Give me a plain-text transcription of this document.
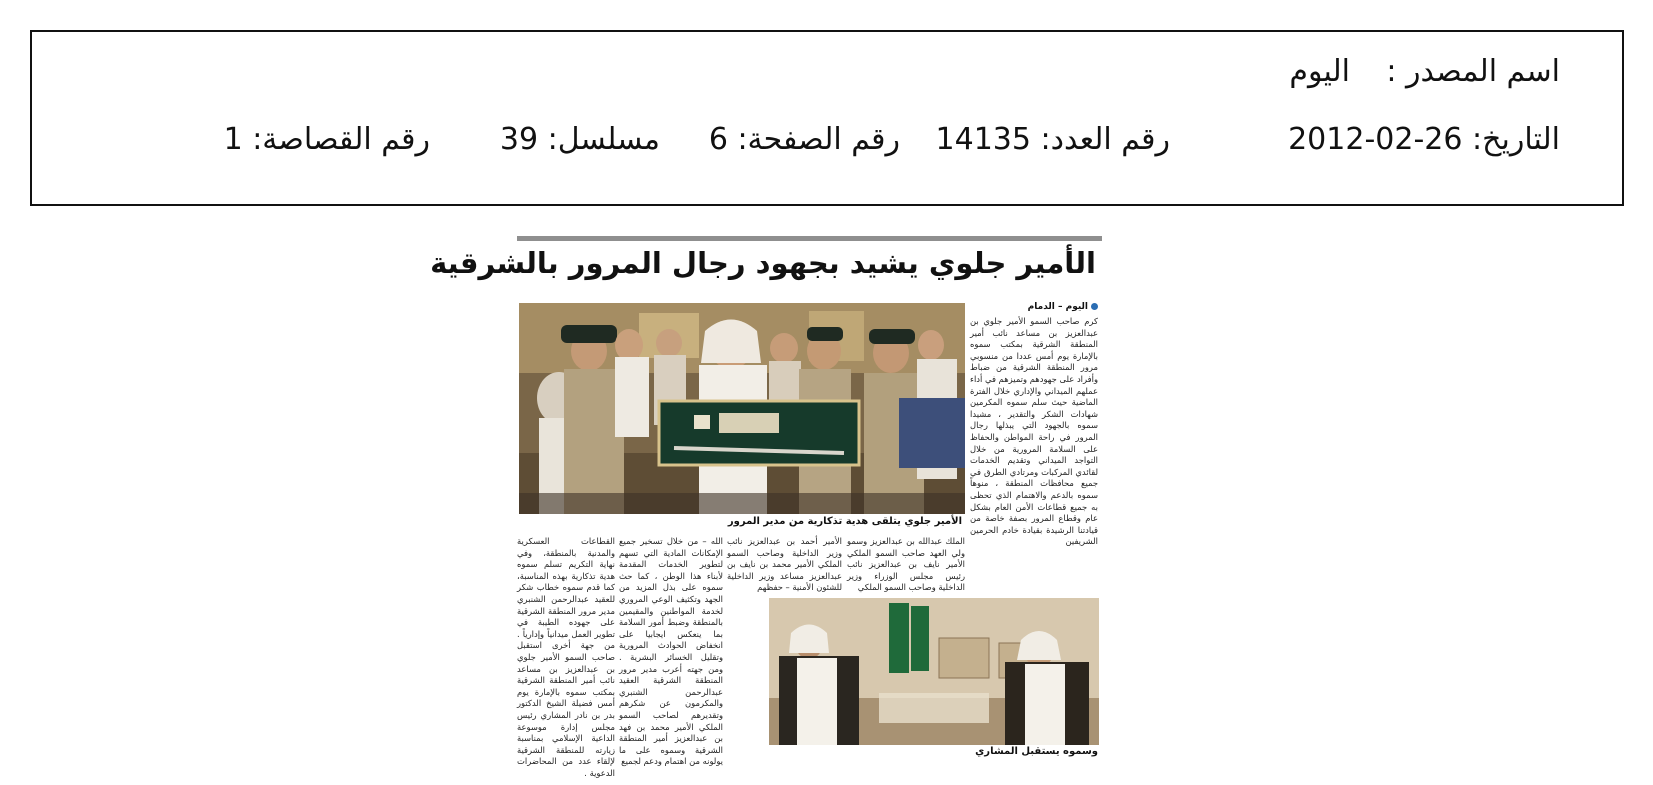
اسم المصدر :
اليوم
التاريخ: 26-02-2012
رقم العدد: 14135
رقم الصفحة: 6
مسلسل: 39
رقم القصاصة: 1
الأمير جلوي يشيد بجهود رجال المرور بالشرقية
الأمير جلوي يتلقى هدية تذكارية من مدير المرور
اليوم – الدمام
كرم صاحب السمو الأمير جلوي بن عبدالعزيز بن مساعد نائب أمير المنطقة الشرقية بمكتب سموه بالإمارة يوم أمس عددا من منسوبي مرور المنطقة الشرقية من ضباط وأفراد على جهودهم وتميزهم في أداء عملهم الميداني والإداري خلال الفترة الماضية حيث سلم سموه المكرمين شهادات الشكر والتقدير ، مشيدا سموه بالجهود التي يبذلها رجال المرور في راحة المواطن والحفاظ على السلامة المرورية من خلال التواجد الميداني وتقديم الخدمات لقائدي المركبات ومرتادي الطرق في جميع محافظات المنطقة ، منوهاً سموه بالدعم والاهتمام الذي تحظى به جميع قطاعات الأمن العام بشكل عام وقطاع المرور بصفة خاصة من قيادتنا الرشيدة بقيادة خادم الحرمين الشريفين
الملك عبدالله بن عبدالعزيز وسمو ولي العهد صاحب السمو الملكي الأمير نايف بن عبدالعزيز نائب رئيس مجلس الوزراء وزير الداخلية وصاحب السمو الملكي
الأمير أحمد بن عبدالعزيز نائب وزير الداخلية وصاحب السمو الملكي الأمير محمد بن نايف بن عبدالعزيز مساعد وزير الداخلية للشئون الأمنية – حفظهم
الله – من خلال تسخير جميع الإمكانات المادية التي تسهم لتطوير الخدمات المقدمة لأبناء هذا الوطن ، كما حث سموه على بذل المزيد من الجهد وتكثيف الوعي المروري لخدمة المواطنين والمقيمين بالمنطقة وضبط أمور السلامة بما ينعكس ايجابيا على انخفاض الحوادث المرورية وتقليل الخسائر البشرية . ومن جهته أعرب مدير مرور المنطقة الشرقية العقيد عبدالرحمن الشنبري والمكرمون عن شكرهم وتقديرهم لصاحب السمو الملكي الأمير محمد بن فهد بن عبدالعزيز أمير المنطقة الشرقية وسموه على ما يولونه من اهتمام ودعم لجميع
القطاعات العسكرية والمدنية بالمنطقة، وفي نهاية التكريم تسلم سموه هدية تذكارية بهذه المناسبة، كما قدم سموه خطاب شكر للعقيد عبدالرحمن الشنبري مدير مرور المنطقة الشرقية على جهوده الطيبة في تطوير العمل ميدانياً وإدارياً . من جهة أخرى استقبل صاحب السمو الأمير جلوي بن عبدالعزيز بن مساعد نائب أمير المنطقة الشرقية بمكتب سموه بالإمارة يوم أمس فضيلة الشيخ الدكتور بدر بن نادر المشاري رئيس مجلس إدارة موسوعة الداعية الإسلامي بمناسبة زيارته للمنطقة الشرقية لإلقاء عدد من المحاضرات الدعوية .
وسموه يستقبل المشاري
